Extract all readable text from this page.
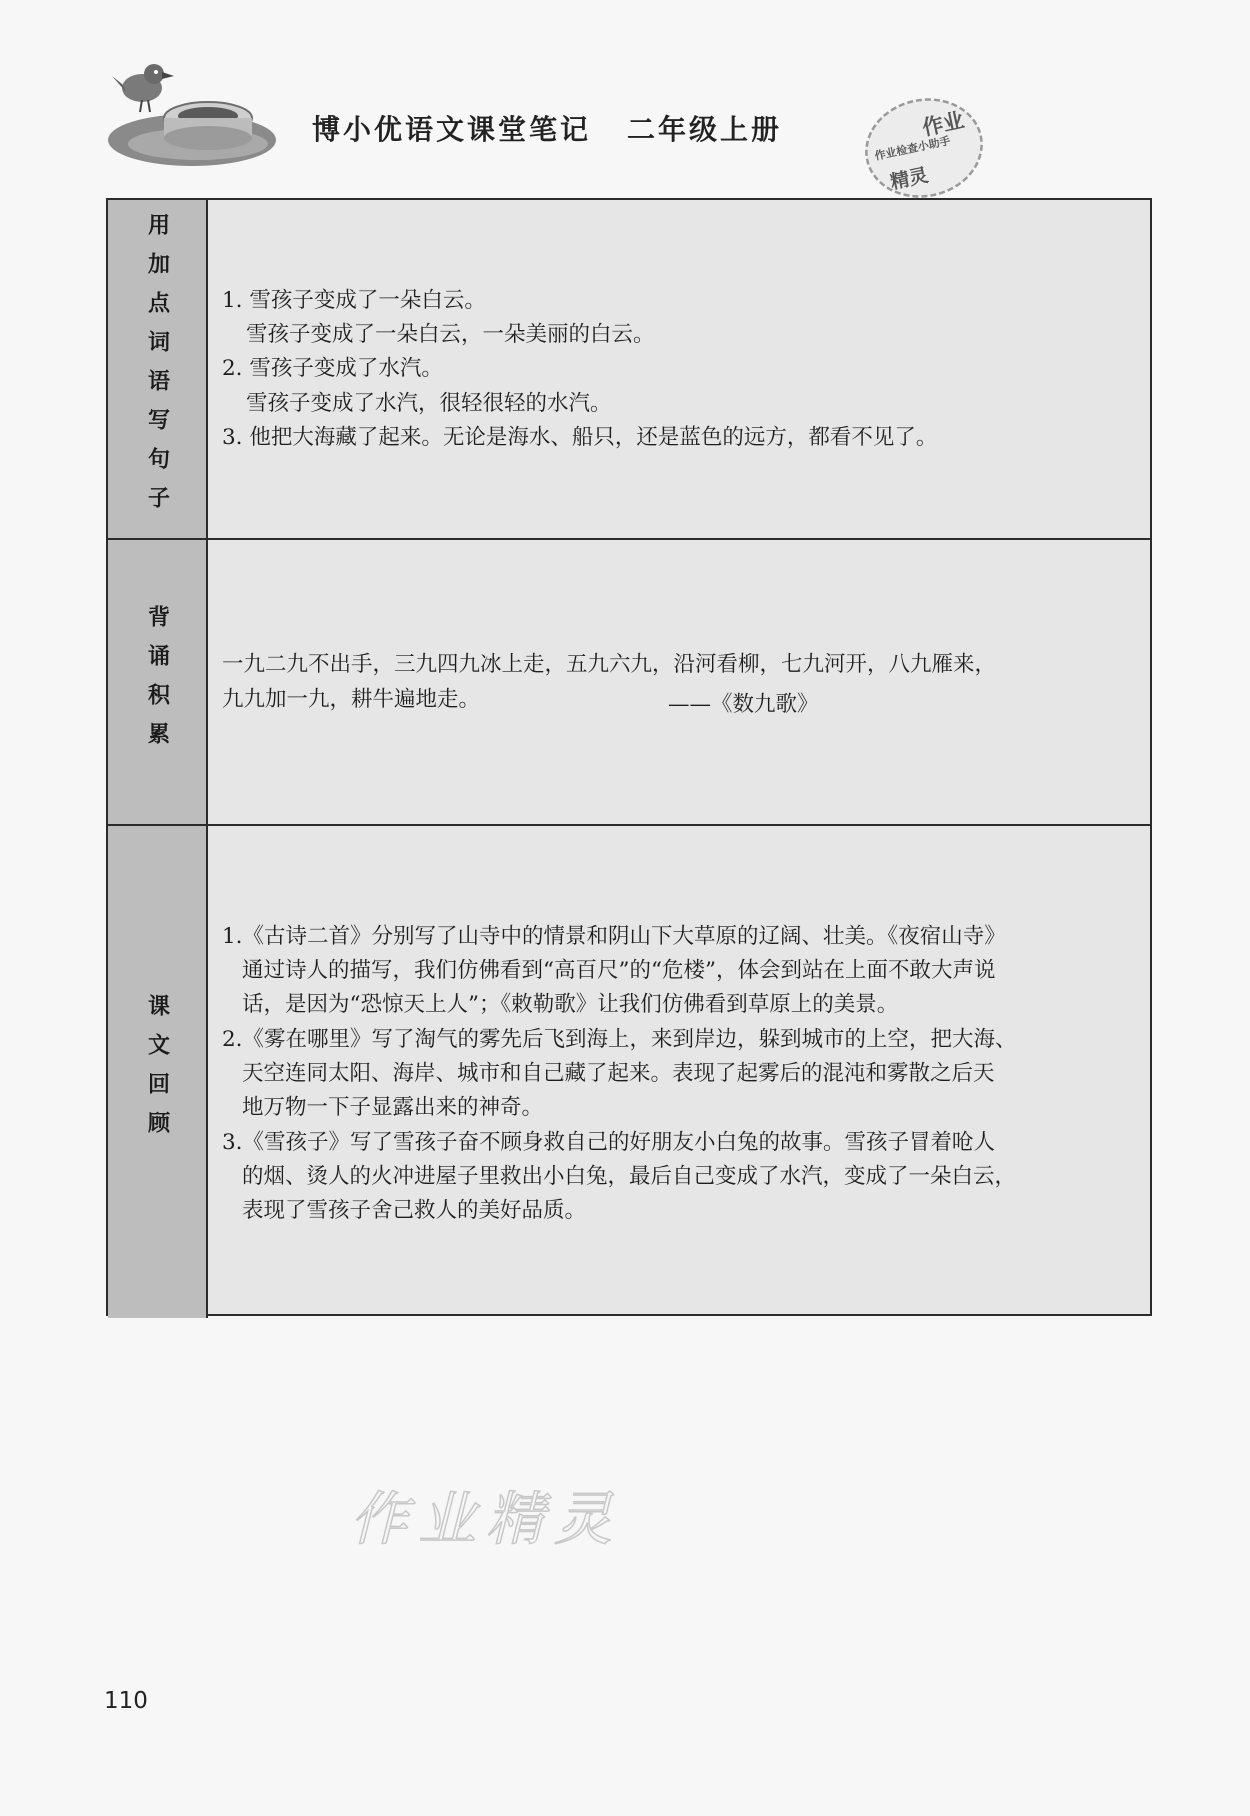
博小优语文课堂笔记 二年级上册	作业
作业检查小助手
精灵
用加点词语写句子 1. 雪孩子变成了一朵白云。
雪孩子变成了一朵白云，一朵美丽的白云。
2. 雪孩子变成了水汽。
雪孩子变成了水汽，很轻很轻的水汽。
3. 他把大海藏了起来。无论是海水、船只，还是蓝色的远方，都看不见了。
背诵积累 一九二九不出手，三九四九冰上走，五九六九，沿河看柳，七九河开，八九雁来，
九九加一九，耕牛遍地走。	——《数九歌》
课文回顾
1.《古诗二首》分别写了山寺中的情景和阴山下大草原的辽阔、壮美。《夜宿山寺》
通过诗人的描写，我们仿佛看到“高百尺”的“危楼”，体会到站在上面不敢大声说
话，是因为“恐惊天上人”；《敕勒歌》让我们仿佛看到草原上的美景。
2.《雾在哪里》写了淘气的雾先后飞到海上，来到岸边，躲到城市的上空，把大海、
天空连同太阳、海岸、城市和自己藏了起来。表现了起雾后的混沌和雾散之后天
地万物一下子显露出来的神奇。
3.《雪孩子》写了雪孩子奋不顾身救自己的好朋友小白兔的故事。雪孩子冒着呛人
的烟、烫人的火冲进屋子里救出小白兔，最后自己变成了水汽，变成了一朵白云，
表现了雪孩子舍己救人的美好品质。
作业精灵
110
